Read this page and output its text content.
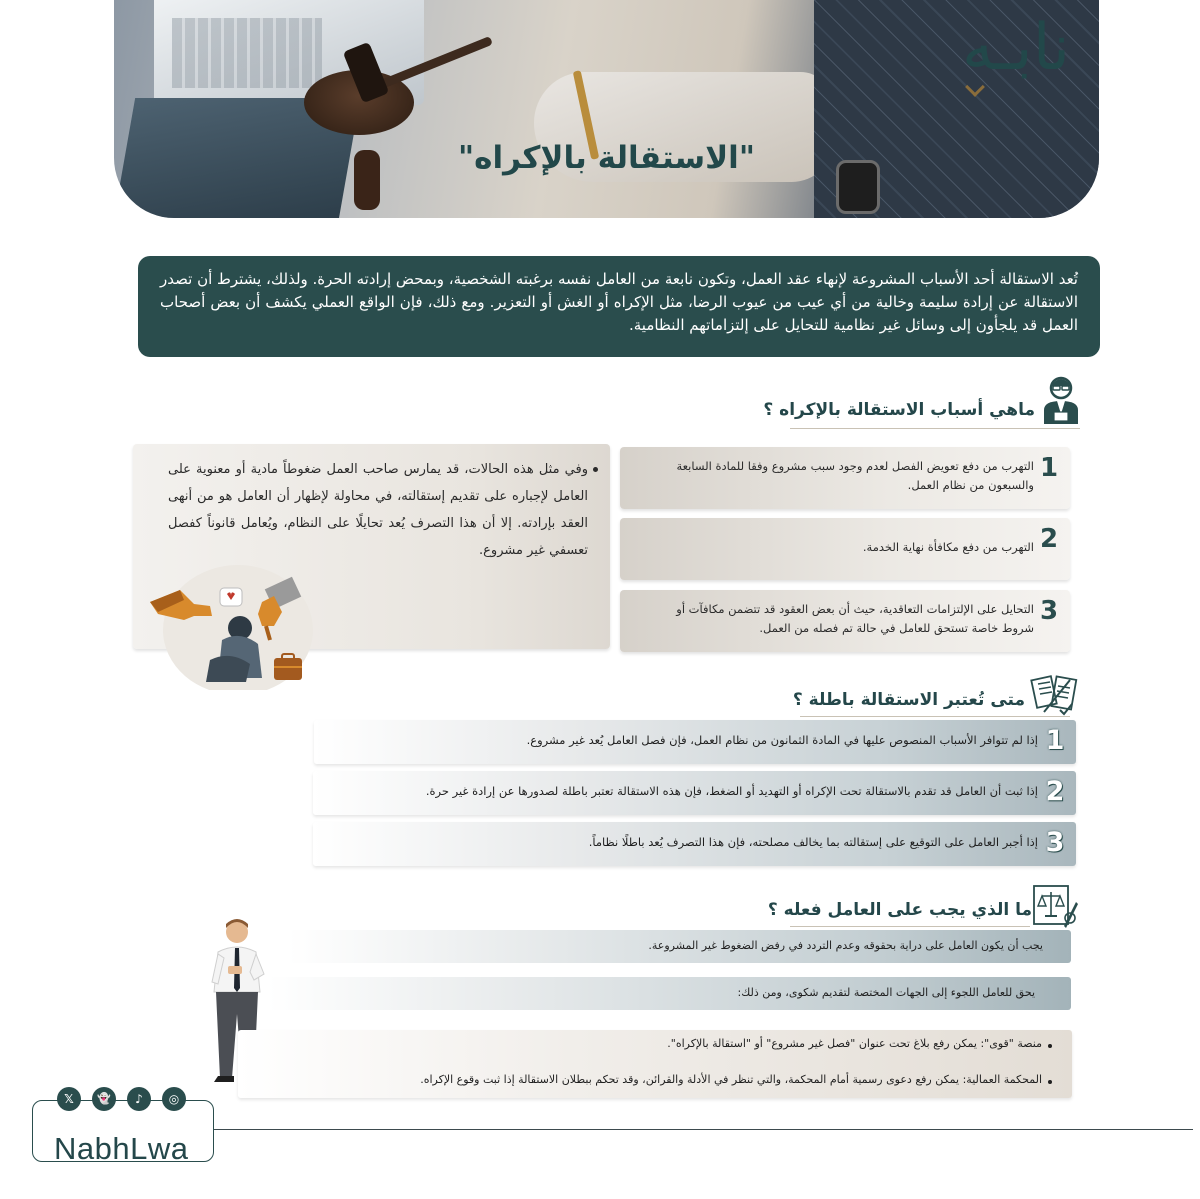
نابـه
"الاستقالة بالإكراه"
تُعد الاستقالة أحد الأسباب المشروعة لإنهاء عقد العمل، وتكون نابعة من العامل نفسه برغبته الشخصية، وبمحض إرادته الحرة. ولذلك، يشترط أن تصدر الاستقالة عن إرادة سليمة وخالية من أي عيب من عيوب الرضا، مثل الإكراه أو الغش أو التعزير. ومع ذلك، فإن الواقع العملي يكشف أن بعض أصحاب العمل قد يلجأون إلى وسائل غير نظامية للتحايل على إلتزاماتهم النظامية.
ماهي أسباب الاستقالة بالإكراه ؟
1
التهرب من دفع تعويض الفصل لعدم وجود سبب مشروع وفقا للمادة السابعة والسبعون من نظام العمل.
2
التهرب من دفع مكافأة نهاية الخدمة.
3
التحايل على الإلتزامات التعاقدية، حيث أن بعض العقود قد تتضمن مكافآت أو شروط خاصة تستحق للعامل في حالة تم فصله من العمل.
وفي مثل هذه الحالات، قد يمارس صاحب العمل ضغوطاً مادية أو معنوية على العامل لإجباره على تقديم إستقالته، في محاولة لإظهار أن العامل هو من أنهى العقد بإرادته. إلا أن هذا التصرف يُعد تحايلًا على النظام، ويُعامل قانوناً كفصل تعسفي غير مشروع.
متى تُعتبر الاستقالة باطلة ؟
1
إذا لم تتوافر الأسباب المنصوص عليها في المادة الثمانون من نظام العمل، فإن فصل العامل يُعد غير مشروع.
2
إذا ثبت أن العامل قد تقدم بالاستقالة تحت الإكراه أو التهديد أو الضغط، فإن هذه الاستقالة تعتبر باطلة لصدورها عن إرادة غير حرة.
3
إذا أجبر العامل على التوقيع على إستقالته بما يخالف مصلحته، فإن هذا التصرف يُعد باطلًا نظاماً.
ما الذي يجب على العامل فعله ؟
يجب أن يكون العامل على دراية بحقوقه وعدم التردد في رفض الضغوط غير المشروعة.
يحق للعامل اللجوء إلى الجهات المختصة لتقديم شكوى، ومن ذلك:
منصة "قوى": يمكن رفع بلاغ تحت عنوان "فصل غير مشروع" أو "استقالة بالإكراه".
المحكمة العمالية: يمكن رفع دعوى رسمية أمام المحكمة، والتي تنظر في الأدلة والقرائن، وقد تحكم ببطلان الاستقالة إذا ثبت وقوع الإكراه.
𝕏	👻	♪	◎
NabhLwa
